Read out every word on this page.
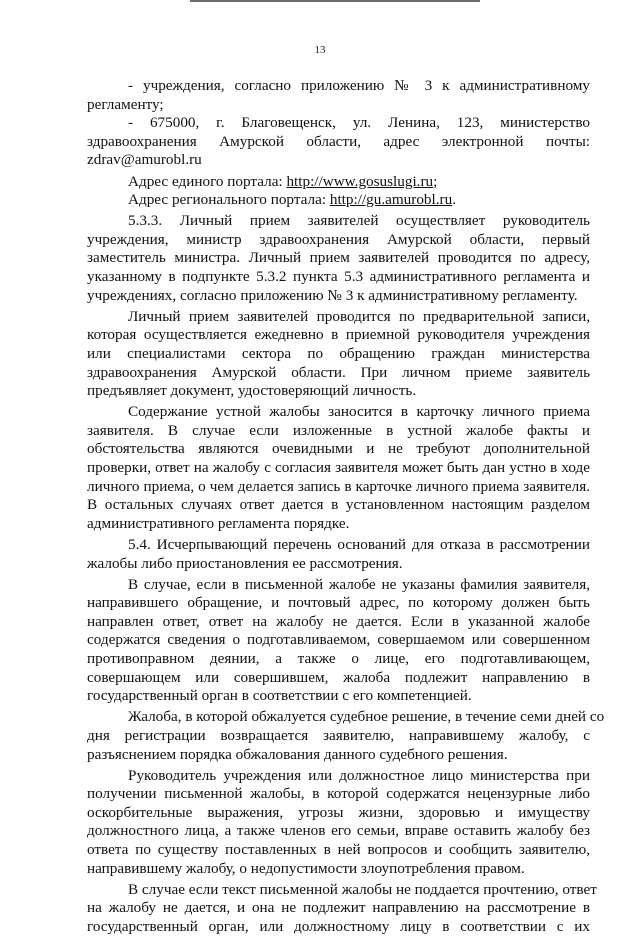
13
- учреждения, согласно приложению № 3 к административному
регламенту;
- 675000, г. Благовещенск, ул. Ленина, 123, министерство
здравоохранения Амурской области, адрес электронной почты:
zdrav@amurobl.ru
Адрес единого портала: http://www.gosuslugi.ru;
Адрес регионального портала: http://gu.amurobl.ru.
5.3.3. Личный прием заявителей осуществляет руководитель
учреждения, министр здравоохранения Амурской области, первый
заместитель министра. Личный прием заявителей проводится по адресу,
указанному в подпункте 5.3.2 пункта 5.3 административного регламента и
учреждениях, согласно приложению № 3 к административному регламенту.
Личный прием заявителей проводится по предварительной записи,
которая осуществляется ежедневно в приемной руководителя учреждения
или специалистами сектора по обращению граждан министерства
здравоохранения Амурской области. При личном приеме заявитель
предъявляет документ, удостоверяющий личность.
Содержание устной жалобы заносится в карточку личного приема
заявителя. В случае если изложенные в устной жалобе факты и
обстоятельства являются очевидными и не требуют дополнительной
проверки, ответ на жалобу с согласия заявителя может быть дан устно в ходе
личного приема, о чем делается запись в карточке личного приема заявителя.
В остальных случаях ответ дается в установленном настоящим разделом
административного регламента порядке.
5.4. Исчерпывающий перечень оснований для отказа в рассмотрении
жалобы либо приостановления ее рассмотрения.
В случае, если в письменной жалобе не указаны фамилия заявителя,
направившего обращение, и почтовый адрес, по которому должен быть
направлен ответ, ответ на жалобу не дается. Если в указанной жалобе
содержатся сведения о подготавливаемом, совершаемом или совершенном
противоправном деянии, а также о лице, его подготавливающем,
совершающем или совершившем, жалоба подлежит направлению в
государственный орган в соответствии с его компетенцией.
Жалоба, в которой обжалуется судебное решение, в течение семи дней со
дня регистрации возвращается заявителю, направившему жалобу, с
разъяснением порядка обжалования данного судебного решения.
Руководитель учреждения или должностное лицо министерства при
получении письменной жалобы, в которой содержатся нецензурные либо
оскорбительные выражения, угрозы жизни, здоровью и имуществу
должностного лица, а также членов его семьи, вправе оставить жалобу без
ответа по существу поставленных в ней вопросов и сообщить заявителю,
направившему жалобу, о недопустимости злоупотребления правом.
В случае если текст письменной жалобы не поддается прочтению, ответ
на жалобу не дается, и она не подлежит направлению на рассмотрение в
государственный орган, или должностному лицу в соответствии с их
